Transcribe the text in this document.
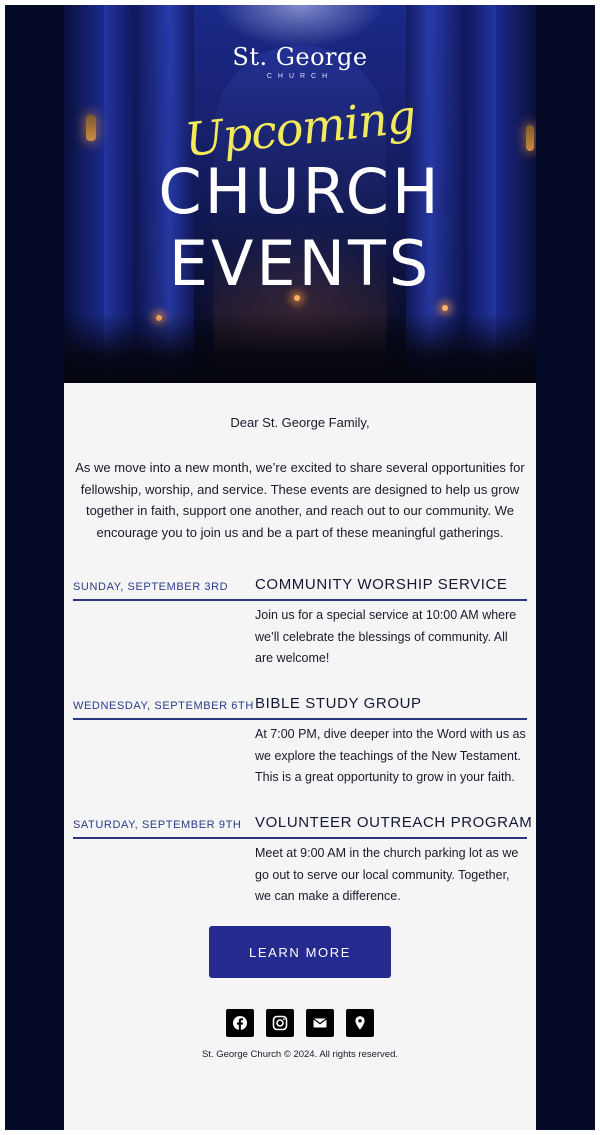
St. George
CHURCH
Upcoming
CHURCH
EVENTS
Dear St. George Family,
As we move into a new month, we’re excited to share several opportunities for fellowship, worship, and service. These events are designed to help us grow together in faith, support one another, and reach out to our community. We encourage you to join us and be a part of these meaningful gatherings.
SUNDAY, SEPTEMBER 3RD COMMUNITY WORSHIP SERVICE
Join us for a special service at 10:00 AM where we’ll celebrate the blessings of community. All are welcome!
WEDNESDAY, SEPTEMBER 6TH BIBLE STUDY GROUP
At 7:00 PM, dive deeper into the Word with us as we explore the teachings of the New Testament. This is a great opportunity to grow in your faith.
SATURDAY, SEPTEMBER 9TH VOLUNTEER OUTREACH PROGRAM
Meet at 9:00 AM in the church parking lot as we go out to serve our local community. Together, we can make a difference.
LEARN MORE
St. George Church © 2024. All rights reserved.
